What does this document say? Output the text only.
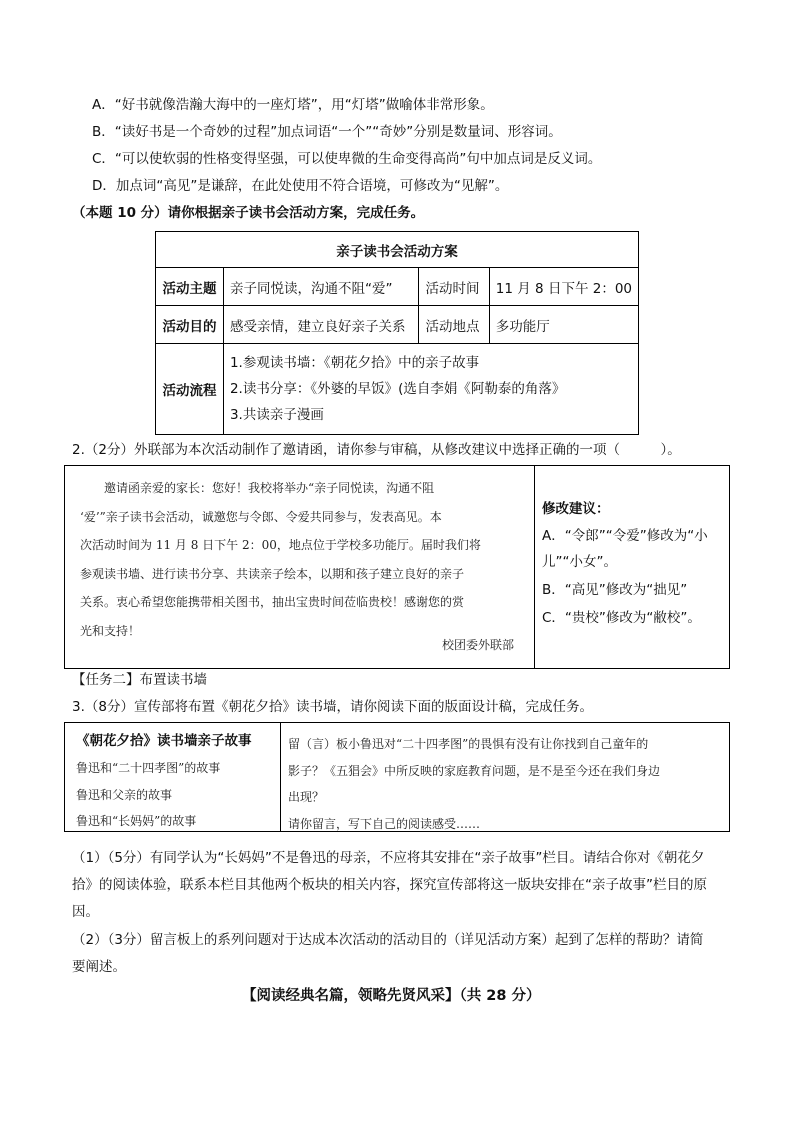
A．“好书就像浩瀚大海中的一座灯塔”，用“灯塔”做喻体非常形象。
B．“读好书是一个奇妙的过程”加点词语“一个”“奇妙”分别是数量词、形容词。
C．“可以使软弱的性格变得坚强，可以使卑微的生命变得高尚”句中加点词是反义词。
D．加点词“高见”是谦辞，在此处使用不符合语境，可修改为“见解”。
（本题 10 分）请你根据亲子读书会活动方案，完成任务。
亲子读书会活动方案			
活动主题	亲子同悦读，沟通不阻“爱”	活动时间	11 月 8 日下午 2：00
活动目的	感受亲情，建立良好亲子关系	活动地点	多功能厅
活动流程	1.参观读书墙：《朝花夕拾》中的亲子故事
2.读书分享：《外婆的早饭》(选自李娟《阿勒泰的角落》
3.共读亲子漫画		
2.（2分）外联部为本次活动制作了邀请函，请你参与审稿，从修改建议中选择正确的一项（　　　）。
邀请函亲爱的家长：您好！我校将举办“亲子同悦读，沟通不阻
‘爱’”亲子读书会活动，诚邀您与令郎、令爱共同参与，发表高见。本
次活动时间为 11 月 8 日下午 2：00，地点位于学校多功能厅。届时我们将
参观读书墙、进行读书分享、共读亲子绘本，以期和孩子建立良好的亲子
关系。衷心希望您能携带相关图书，抽出宝贵时间莅临贵校！感谢您的赏
光和支持！
校团委外联部
修改建议：
A．“令郎”“令爱”修改为“小
儿”“小女”。
B．“高见”修改为“拙见”
C．“贵校”修改为“敝校”。
【任务二】布置读书墙
3.（8分）宣传部将布置《朝花夕拾》读书墙，请你阅读下面的版面设计稿，完成任务。
《朝花夕拾》读书墙亲子故事
鲁迅和“二十四孝图”的故事
鲁迅和父亲的故事
鲁迅和“长妈妈”的故事
留（言）板小鲁迅对“二十四孝图”的畏惧有没有让你找到自己童年的
影子？《五猖会》中所反映的家庭教育问题，是不是至今还在我们身边
出现？
请你留言，写下自己的阅读感受……
（1）（5分）有同学认为“长妈妈”不是鲁迅的母亲，不应将其安排在“亲子故事”栏目。请结合你对《朝花夕
拾》的阅读体验，联系本栏目其他两个板块的相关内容，探究宣传部将这一版块安排在“亲子故事”栏目的原
因。
（2）（3分）留言板上的系列问题对于达成本次活动的活动目的（详见活动方案）起到了怎样的帮助？请简
要阐述。
【阅读经典名篇，领略先贤风采】（共 28 分）
